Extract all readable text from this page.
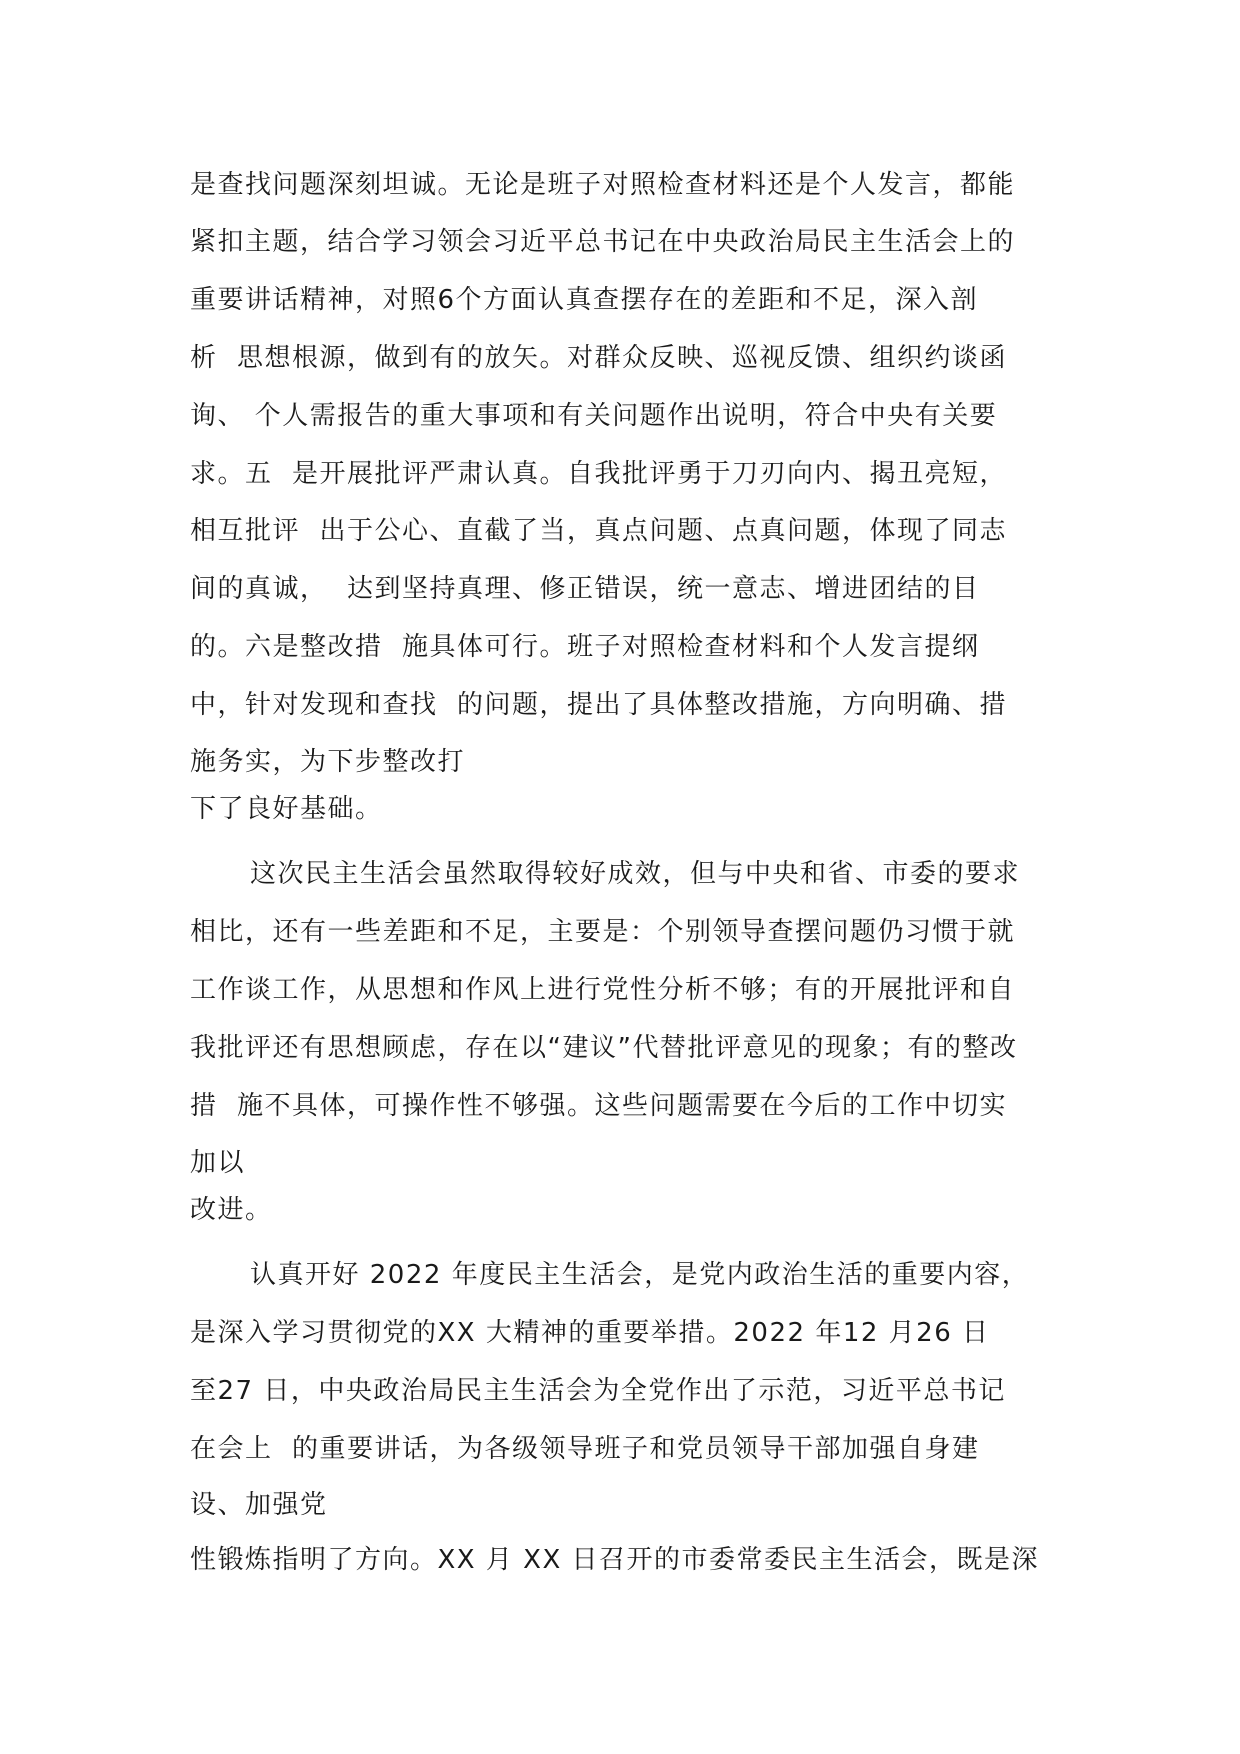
是查找问题深刻坦诚。无论是班子对照检查材料还是个人发言，都能
紧扣主题，结合学习领会习近平总书记在中央政治局民主生活会上的
重要讲话精神，对照6个方面认真查摆存在的差距和不足，深入剖
析  思想根源，做到有的放矢。对群众反映、巡视反馈、组织约谈函
询、 个人需报告的重大事项和有关问题作出说明，符合中央有关要
求。五  是开展批评严肃认真。自我批评勇于刀刃向内、揭丑亮短，
相互批评  出于公心、直截了当，真点问题、点真问题，体现了同志
间的真诚，  达到坚持真理、修正错误，统一意志、增进团结的目
的。六是整改措  施具体可行。班子对照检查材料和个人发言提纲
中，针对发现和查找  的问题，提出了具体整改措施，方向明确、措
施务实，为下步整改打
下了良好基础。
这次民主生活会虽然取得较好成效，但与中央和省、市委的要求
相比，还有一些差距和不足，主要是：个别领导查摆问题仍习惯于就
工作谈工作，从思想和作风上进行党性分析不够；有的开展批评和自
我批评还有思想顾虑，存在以“建议”代替批评意见的现象；有的整改
措  施不具体，可操作性不够强。这些问题需要在今后的工作中切实
加以
改进。
认真开好 2022 年度民主生活会，是党内政治生活的重要内容，
是深入学习贯彻党的XX 大精神的重要举措。2022 年12 月26 日
至27 日，中央政治局民主生活会为全党作出了示范，习近平总书记
在会上  的重要讲话，为各级领导班子和党员领导干部加强自身建
设、加强党
性锻炼指明了方向。XX 月 XX 日召开的市委常委民主生活会，既是深
